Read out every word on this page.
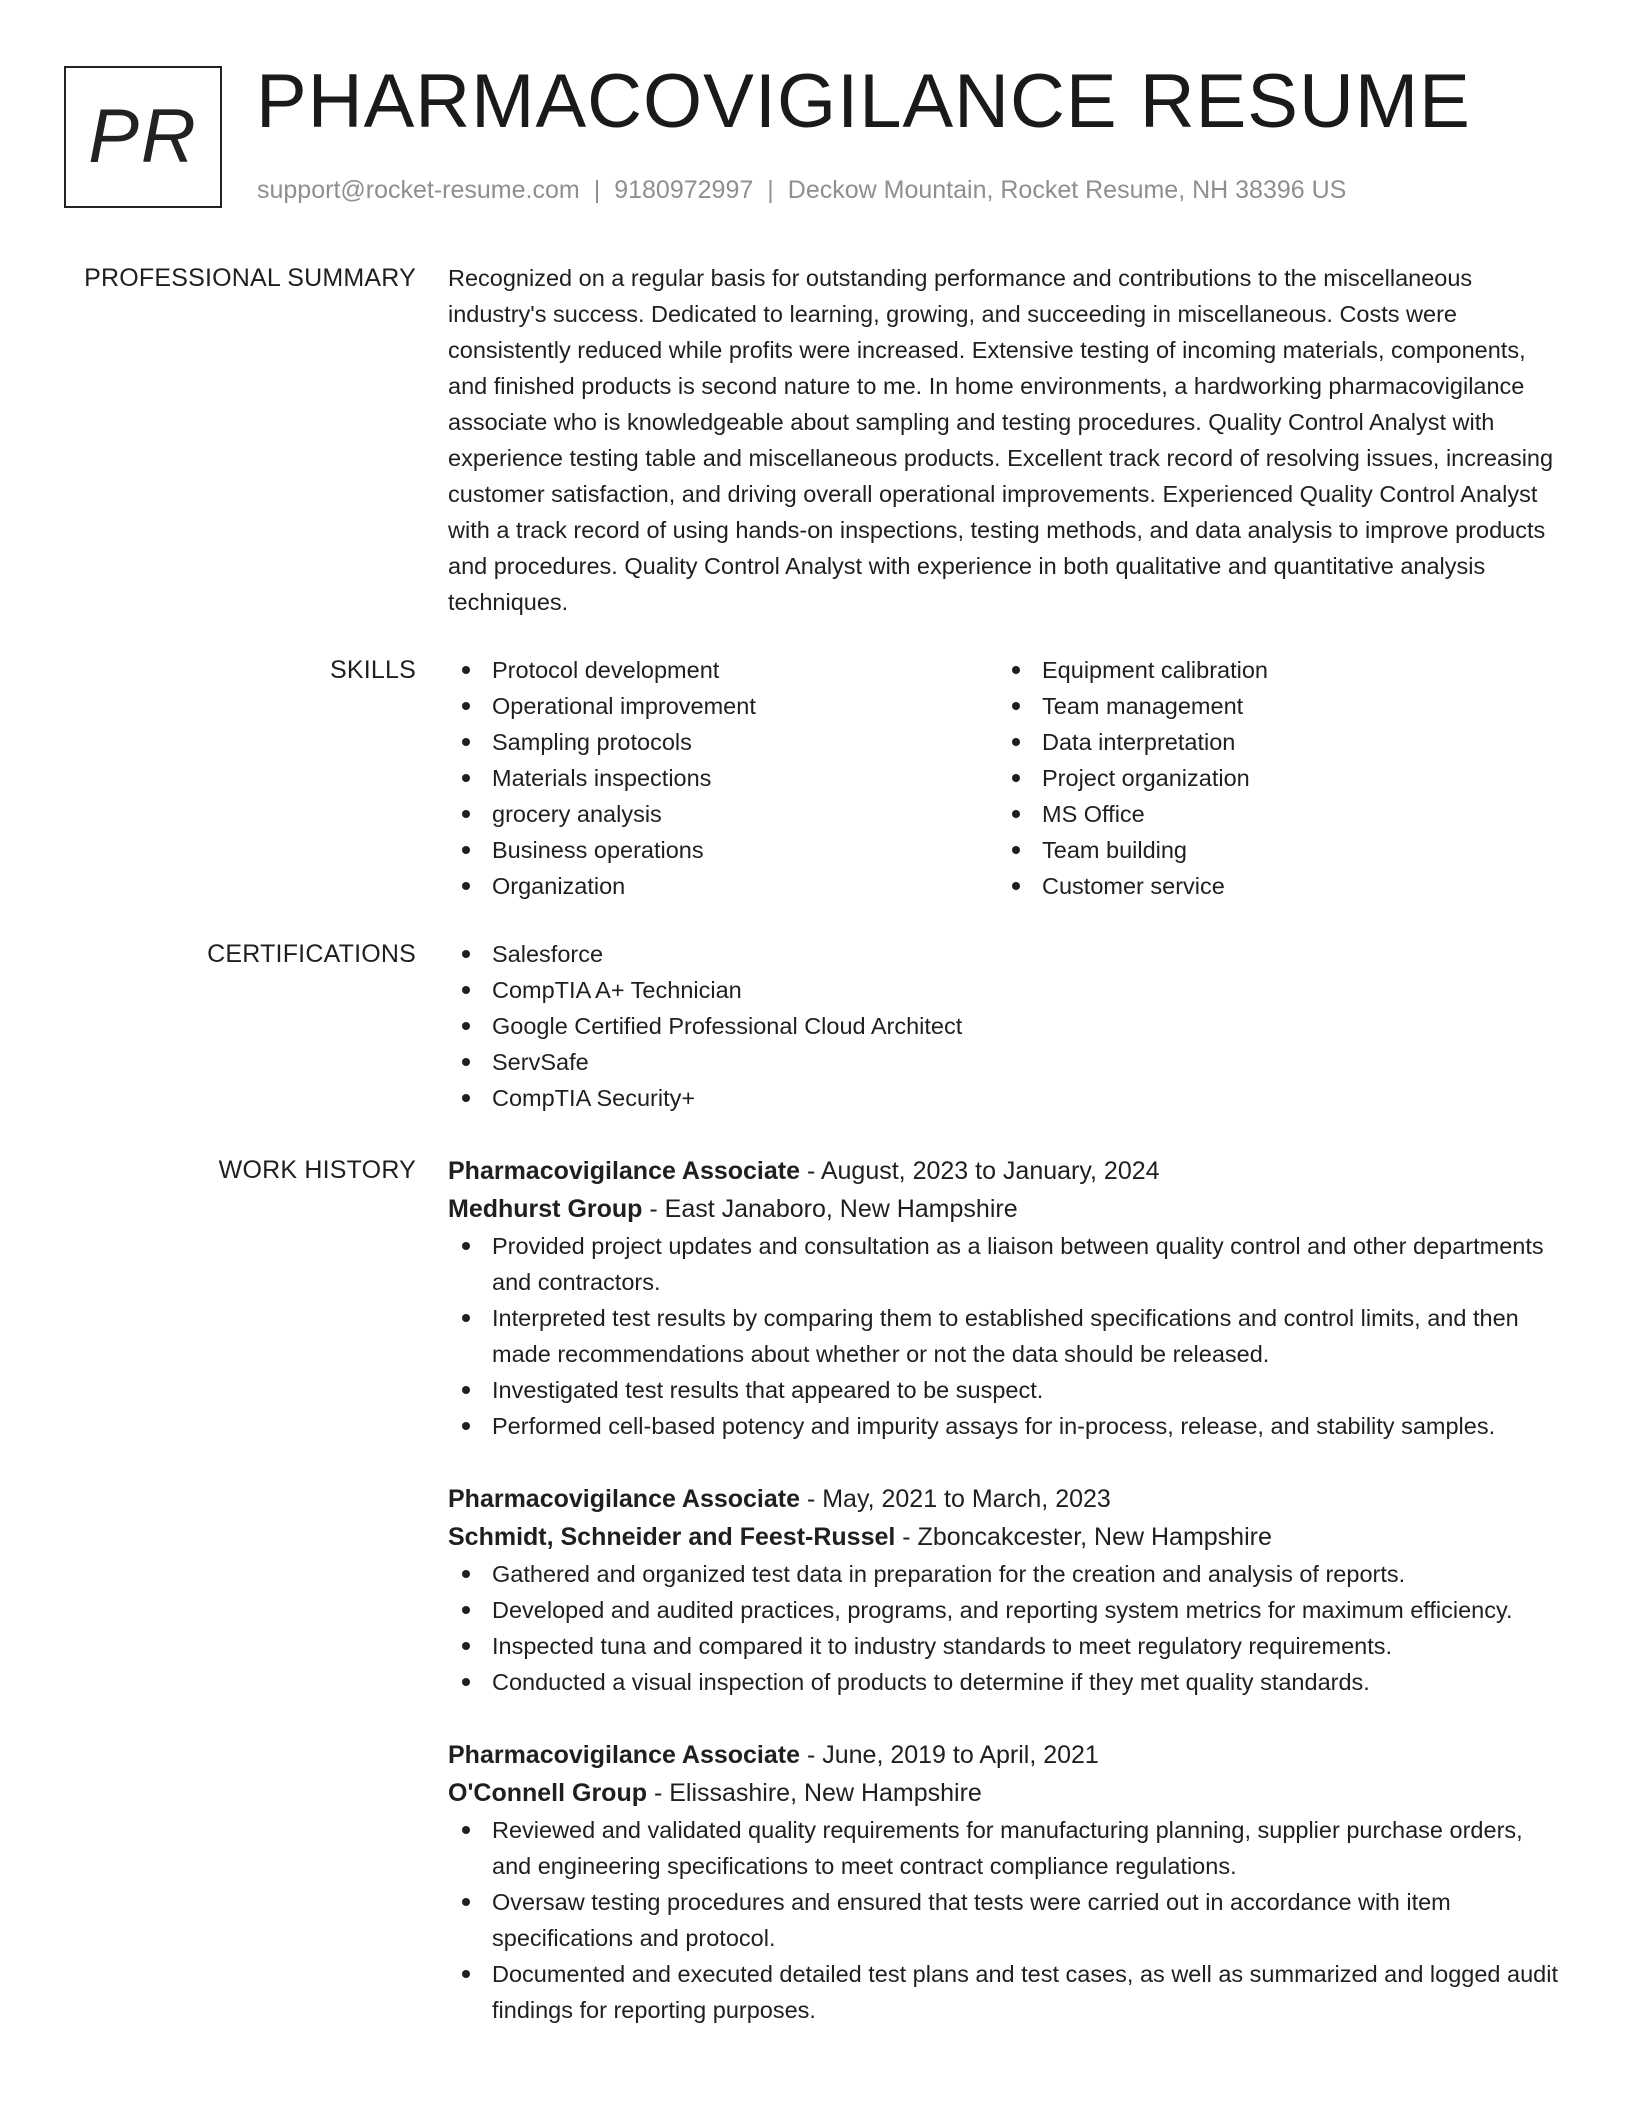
PR PHARMACOVIGILANCE RESUME
support@rocket-resume.com | 9180972997 | Deckow Mountain, Rocket Resume, NH 38396 US
PROFESSIONAL SUMMARY Recognized on a regular basis for outstanding performance and contributions to the miscellaneous industry's success. Dedicated to learning, growing, and succeeding in miscellaneous. Costs were consistently reduced while profits were increased. Extensive testing of incoming materials, components, and finished products is second nature to me. In home environments, a hardworking pharmacovigilance associate who is knowledgeable about sampling and testing procedures. Quality Control Analyst with experience testing table and miscellaneous products. Excellent track record of resolving issues, increasing customer satisfaction, and driving overall operational improvements. Experienced Quality Control Analyst with a track record of using hands-on inspections, testing methods, and data analysis to improve products and procedures. Quality Control Analyst with experience in both qualitative and quantitative analysis techniques.

SKILLS	Protocol development
Operational improvement
Sampling protocols
Materials inspections
grocery analysis
Business operations
Organization
Equipment calibration
Team management
Data interpretation
Project organization
MS Office
Team building
Customer service
CERTIFICATIONS	Salesforce
CompTIA A+ Technician
Google Certified Professional Cloud Architect
ServSafe
CompTIA Security+
WORK HISTORY Pharmacovigilance Associate - August, 2023 to January, 2024
Medhurst Group - East Janaboro, New Hampshire
Provided project updates and consultation as a liaison between quality control and other departments and contractors.
Interpreted test results by comparing them to established specifications and control limits, and then made recommendations about whether or not the data should be released.
Investigated test results that appeared to be suspect.
Performed cell-based potency and impurity assays for in-process, release, and stability samples.
Pharmacovigilance Associate - May, 2021 to March, 2023
Schmidt, Schneider and Feest-Russel - Zboncakcester, New Hampshire
Gathered and organized test data in preparation for the creation and analysis of reports.
Developed and audited practices, programs, and reporting system metrics for maximum efficiency.
Inspected tuna and compared it to industry standards to meet regulatory requirements.
Conducted a visual inspection of products to determine if they met quality standards.
Pharmacovigilance Associate - June, 2019 to April, 2021
O'Connell Group - Elissashire, New Hampshire
Reviewed and validated quality requirements for manufacturing planning, supplier purchase orders, and engineering specifications to meet contract compliance regulations.
Oversaw testing procedures and ensured that tests were carried out in accordance with item specifications and protocol.
Documented and executed detailed test plans and test cases, as well as summarized and logged audit findings for reporting purposes.
